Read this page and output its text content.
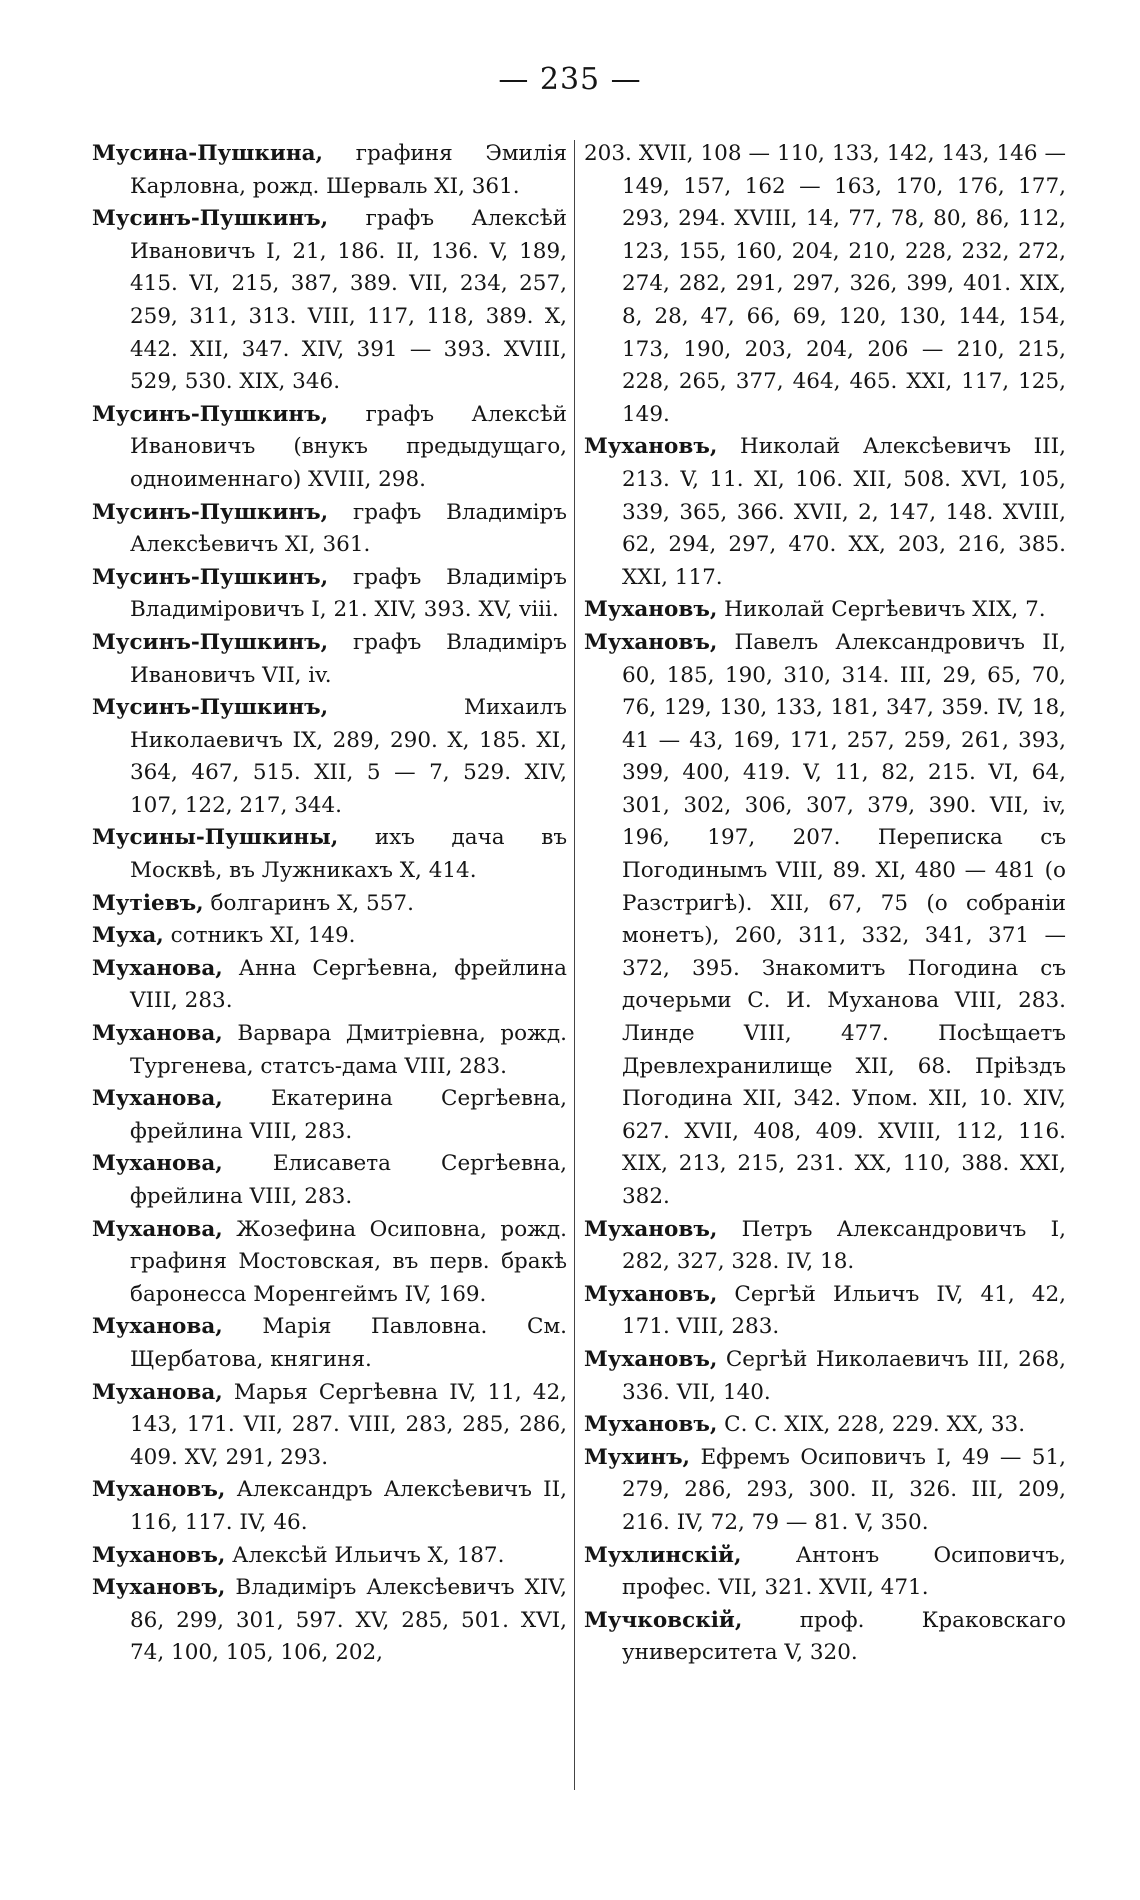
— 235 —

Мусина-Пушкина, графиня Эмилія Карловна, рожд. Шерваль XI, 361.

Мусинъ-Пушкинъ, графъ Алексѣй Ивановичъ I, 21, 186. II, 136. V, 189, 415. VI, 215, 387, 389. VII, 234, 257, 259, 311, 313. VIII, 117, 118, 389. X, 442. XII, 347. XIV, 391 — 393. XVIII, 529, 530. XIX, 346.

Мусинъ-Пушкинъ, графъ Алексѣй Ивановичъ (внукъ предыдущаго, одноименнаго) XVIII, 298.

Мусинъ-Пушкинъ, графъ Владиміръ Алексѣевичъ XI, 361.

Мусинъ-Пушкинъ, графъ Владиміръ Владиміровичъ I, 21. XIV, 393. XV, viii.

Мусинъ-Пушкинъ, графъ Владиміръ Ивановичъ VII, iv.

Мусинъ-Пушкинъ,	Михаилъ Николаевичъ IX, 289, 290. X, 185. XI, 364, 467, 515. XII, 5 — 7, 529. XIV, 107, 122, 217, 344.

Мусины-Пушкины, ихъ дача въ Москвѣ, въ Лужникахъ X, 414.

Мутіевъ, болгаринъ X, 557.

Муха, сотникъ XI, 149.

Муханова, Анна Сергѣевна, фрейлина VIII, 283.

Муханова, Варвара Дмитріевна, рожд. Тургенева, статсъ-дама VIII, 283.

Муханова, Екатерина Сергѣевна, фрейлина VIII, 283.

Муханова, Елисавета Сергѣевна, фрейлина VIII, 283.

Муханова, Жозефина Осиповна, рожд. графиня Мостовская, въ перв. бракѣ баронесса Моренгеймъ IV, 169.

Муханова, Марія Павловна. См. Щербатова, княгиня.

Муханова, Марья Сергѣевна IV, 11, 42, 143, 171. VII, 287. VIII, 283, 285, 286, 409. XV, 291, 293.

Мухановъ, Александръ Алексѣевичъ II, 116, 117. IV, 46.

Мухановъ, Алексѣй Ильичъ X, 187.

Мухановъ, Владиміръ Алексѣевичъ XIV, 86, 299, 301, 597. XV, 285, 501. XVI, 74, 100, 105, 106, 202,

203. XVII, 108 — 110, 133, 142, 143, 146 — 149, 157, 162 — 163, 170, 176, 177, 293, 294. XVIII, 14, 77, 78, 80, 86, 112, 123, 155, 160, 204, 210, 228, 232, 272, 274, 282, 291, 297, 326, 399, 401. XIX, 8, 28, 47, 66, 69, 120, 130, 144, 154, 173, 190, 203, 204, 206 — 210, 215, 228, 265, 377, 464, 465. XXI, 117, 125, 149.

Мухановъ, Николай Алексѣевичъ III, 213. V, 11. XI, 106. XII, 508. XVI, 105, 339, 365, 366. XVII, 2, 147, 148. XVIII, 62, 294, 297, 470. XX, 203, 216, 385. XXI, 117.

Мухановъ, Николай Сергѣевичъ XIX, 7.

Мухановъ, Павелъ Александровичъ II, 60, 185, 190, 310, 314. III, 29, 65, 70, 76, 129, 130, 133, 181, 347, 359. IV, 18, 41 — 43, 169, 171, 257, 259, 261, 393, 399, 400, 419. V, 11, 82, 215. VI, 64, 301, 302, 306, 307, 379, 390. VII, iv, 196, 197, 207. Переписка съ Погодинымъ VIII, 89. XI, 480 — 481 (о Разстригѣ). XII, 67, 75 (о собраніи монетъ), 260, 311, 332, 341, 371 — 372, 395. Знакомитъ Погодина съ дочерьми С. И. Мухановa VIII, 283. Линде VIII, 477. Посѣщаетъ Древлехранилище XII, 68. Пріѣздъ Погодина XII, 342. Упом. XII, 10. XIV, 627. XVII, 408, 409. XVIII, 112, 116. XIX, 213, 215, 231. XX, 110, 388. XXI, 382.

Мухановъ, Петръ Александровичъ I, 282, 327, 328. IV, 18.

Мухановъ, Сергѣй Ильичъ IV, 41, 42, 171. VIII, 283.

Мухановъ, Сергѣй Николаевичъ III, 268, 336. VII, 140.

Мухановъ, С. С. XIX, 228, 229. XX, 33.

Мухинъ, Ефремъ Осиповичъ I, 49 — 51, 279, 286, 293, 300. II, 326. III, 209, 216. IV, 72, 79 — 81. V, 350.

Мухлинскій,	Антонъ Осиповичъ, профес. VII, 321. XVII, 471.

Мучковскій,	проф. Краковскаго университета V, 320.
